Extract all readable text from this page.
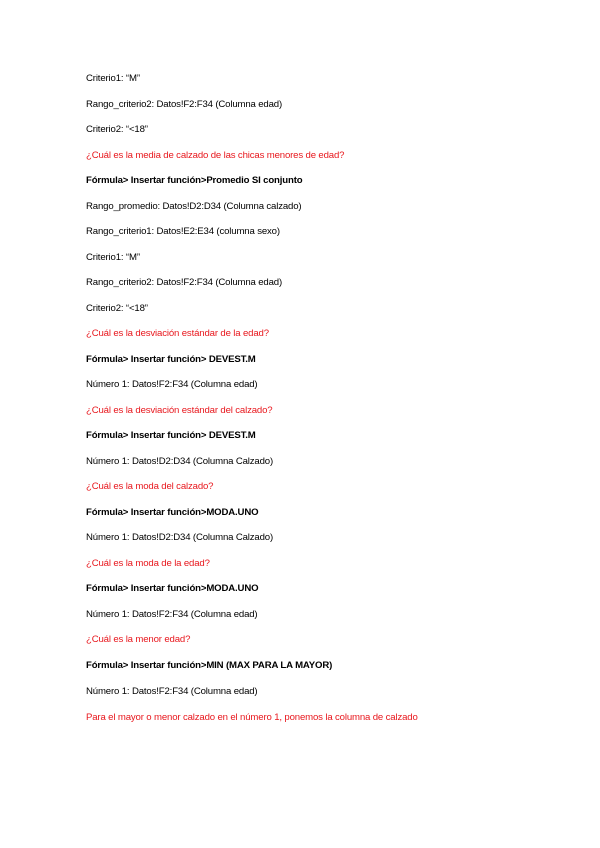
Criterio1: “M”
Rango_criterio2: Datos!F2:F34 (Columna edad)
Criterio2: “<18”
¿Cuál es la media de calzado de las chicas menores de edad?
Fórmula> Insertar función>Promedio SI conjunto
Rango_promedio: Datos!D2:D34 (Columna calzado)
Rango_criterio1: Datos!E2:E34 (columna sexo)
Criterio1: “M”
Rango_criterio2: Datos!F2:F34 (Columna edad)
Criterio2: “<18”
¿Cuál es la desviación estándar de la edad?
Fórmula> Insertar función> DEVEST.M
Número 1: Datos!F2:F34 (Columna edad)
¿Cuál es la desviación estándar del calzado?
Fórmula> Insertar función> DEVEST.M
Número 1: Datos!D2:D34 (Columna Calzado)
¿Cuál es la moda del calzado?
Fórmula> Insertar función>MODA.UNO
Número 1: Datos!D2:D34 (Columna Calzado)
¿Cuál es la moda de la edad?
Fórmula> Insertar función>MODA.UNO
Número 1: Datos!F2:F34 (Columna edad)
¿Cuál es la menor edad?
Fórmula> Insertar función>MIN (MAX PARA LA MAYOR)
Número 1: Datos!F2:F34 (Columna edad)
Para el mayor o menor calzado en el número 1, ponemos la columna de calzado
